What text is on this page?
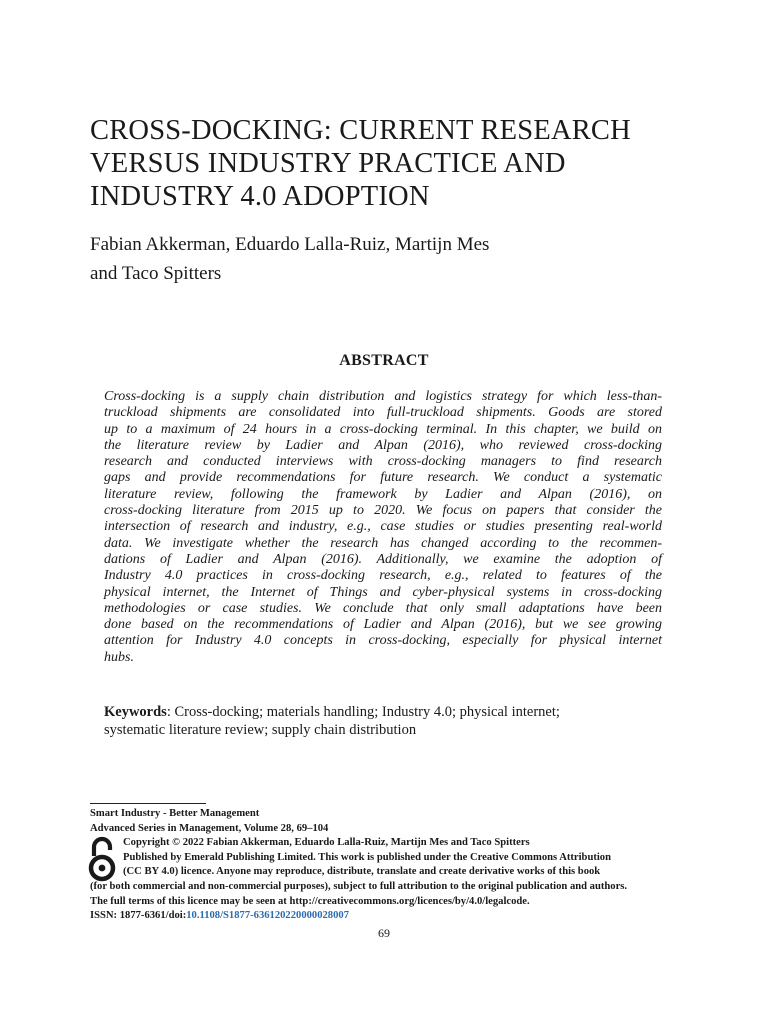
CROSS-DOCKING: CURRENT RESEARCH
VERSUS INDUSTRY PRACTICE AND
INDUSTRY 4.0 ADOPTION
Fabian Akkerman, Eduardo Lalla-Ruiz, Martijn Mes
and Taco Spitters
ABSTRACT
Cross-docking is a supply chain distribution and logistics strategy for which less-than-
truckload shipments are consolidated into full-truckload shipments. Goods are stored
up to a maximum of 24 hours in a cross-docking terminal. In this chapter, we build on
the literature review by Ladier and Alpan (2016), who reviewed cross-docking
research and conducted interviews with cross-docking managers to find research
gaps and provide recommendations for future research. We conduct a systematic
literature review, following the framework by Ladier and Alpan (2016), on
cross-docking literature from 2015 up to 2020. We focus on papers that consider the
intersection of research and industry, e.g., case studies or studies presenting real-world
data. We investigate whether the research has changed according to the recommen-
dations of Ladier and Alpan (2016). Additionally, we examine the adoption of
Industry 4.0 practices in cross-docking research, e.g., related to features of the
physical internet, the Internet of Things and cyber-physical systems in cross-docking
methodologies or case studies. We conclude that only small adaptations have been
done based on the recommendations of Ladier and Alpan (2016), but we see growing
attention for Industry 4.0 concepts in cross-docking, especially for physical internet
hubs.
Keywords: Cross-docking; materials handling; Industry 4.0; physical internet;
systematic literature review; supply chain distribution
Smart Industry - Better Management
Advanced Series in Management, Volume 28, 69–104
Copyright © 2022 Fabian Akkerman, Eduardo Lalla-Ruiz, Martijn Mes and Taco Spitters
Published by Emerald Publishing Limited. This work is published under the Creative Commons Attribution
(CC BY 4.0) licence. Anyone may reproduce, distribute, translate and create derivative works of this book
(for both commercial and non-commercial purposes), subject to full attribution to the original publication and authors.
The full terms of this licence may be seen at http://creativecommons.org/licences/by/4.0/legalcode.
ISSN: 1877-6361/doi:10.1108/S1877-636120220000028007
69
